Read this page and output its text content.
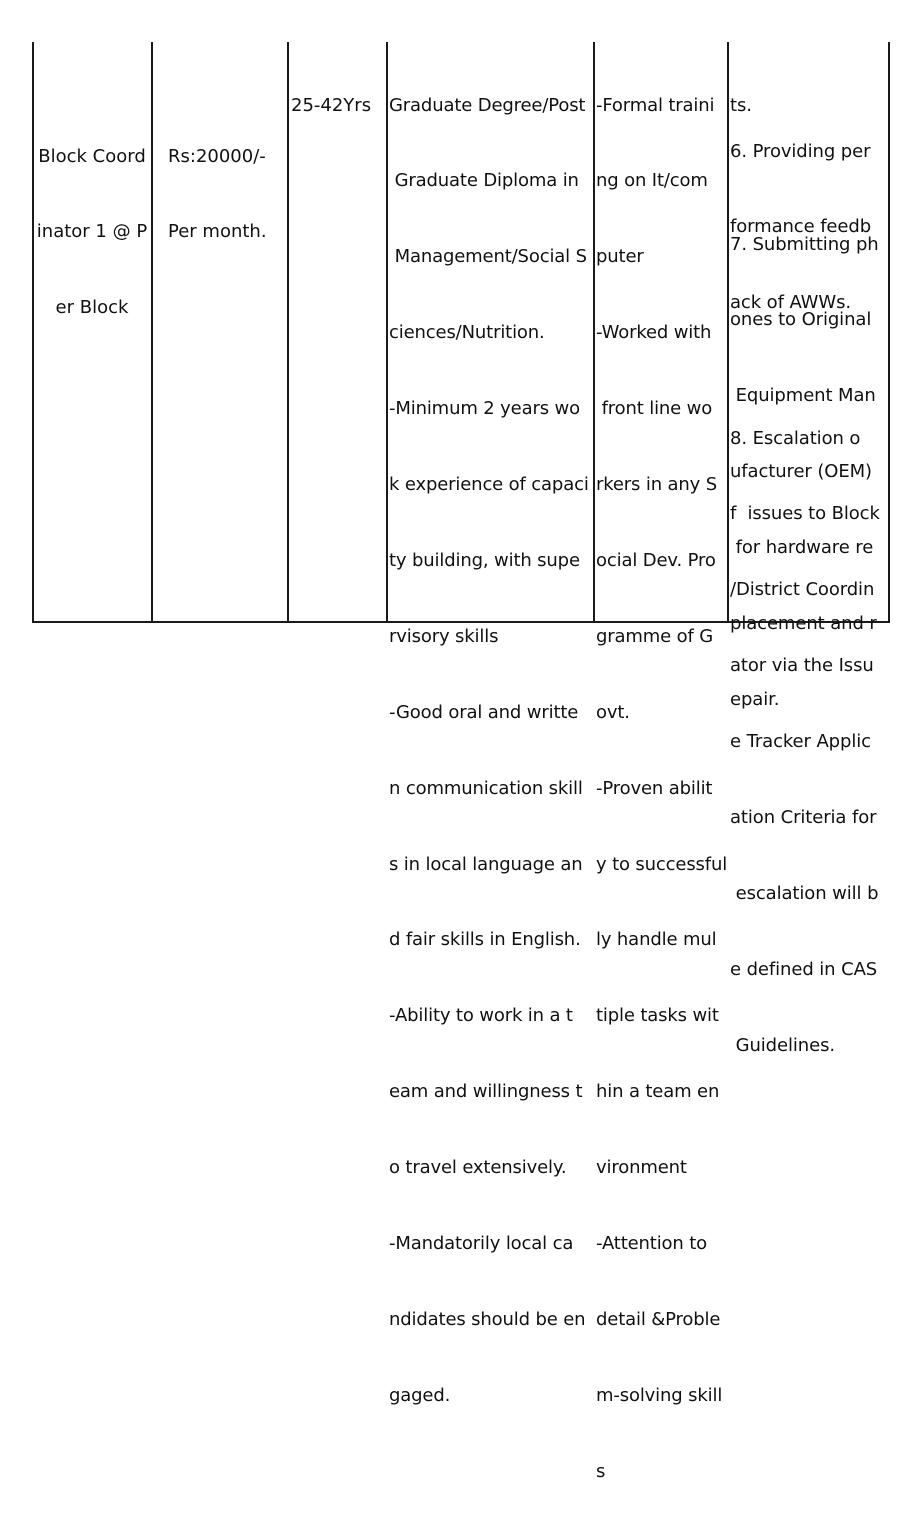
Block Coord

inator 1 @ P

er Block

Rs:20000/-

Per month.

25-42Yrs

Graduate Degree/Post

Graduate Diploma in

Management/Social S

ciences/Nutrition.

-Minimum 2 years wo

k experience of capaci

ty building, with supe

rvisory skills

-Good oral and writte

n communication skill

s in local language an

d fair skills in English.

-Ability to work in a t

eam and willingness t

o travel extensively.

-Mandatorily local ca

ndidates should be en

gaged.

-Formal traini

ng on It/com

puter

-Worked with

front line wo

rkers in any S

ocial Dev. Pro

gramme of G

ovt.

-Proven abilit

y to successful

ly handle mul

tiple tasks wit

hin a team en

vironment

-Attention to

detail &Proble

m-solving skill

s

ts.

6. Providing per

formance feedb

ack of AWWs.

7. Submitting ph

ones to Original

Equipment Man

ufacturer (OEM)

for hardware re

placement and r

epair.

8. Escalation o

f  issues to Block

/District Coordin

ator via the Issu

e Tracker Applic

ation Criteria for

escalation will b

e defined in CAS

Guidelines.
